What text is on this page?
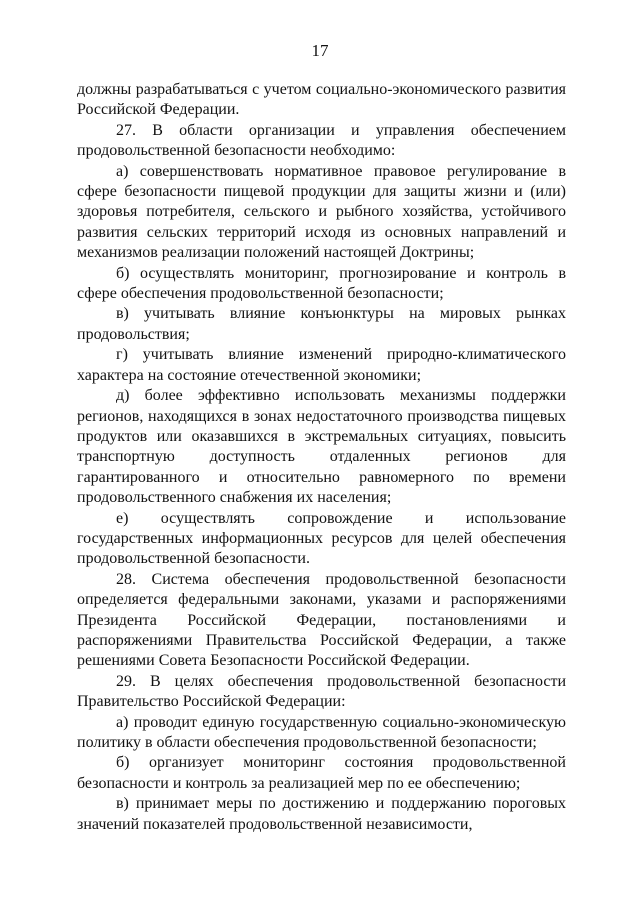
17

должны разрабатываться с учетом социально-экономического развития Российской Федерации.

27. В области организации и управления обеспечением продовольственной безопасности необходимо:

а) совершенствовать нормативное правовое регулирование в сфере безопасности пищевой продукции для защиты жизни и (или) здоровья потребителя, сельского и рыбного хозяйства, устойчивого развития сельских территорий исходя из основных направлений и механизмов реализации положений настоящей Доктрины;

б) осуществлять мониторинг, прогнозирование и контроль в сфере обеспечения продовольственной безопасности;

в) учитывать влияние конъюнктуры на мировых рынках продовольствия;

г) учитывать влияние изменений природно-климатического характера на состояние отечественной экономики;

д) более эффективно использовать механизмы поддержки регионов, находящихся в зонах недостаточного производства пищевых продуктов или оказавшихся в экстремальных ситуациях, повысить транспортную доступность отдаленных регионов для гарантированного и относительно равномерного по времени продовольственного снабжения их населения;

е) осуществлять сопровождение и использование государственных информационных ресурсов для целей обеспечения продовольственной безопасности.

28. Система обеспечения продовольственной безопасности определяется федеральными законами, указами и распоряжениями Президента Российской Федерации, постановлениями и распоряжениями Правительства Российской Федерации, а также решениями Совета Безопасности Российской Федерации.

29. В целях обеспечения продовольственной безопасности Правительство Российской Федерации:

а) проводит единую государственную социально-экономическую политику в области обеспечения продовольственной безопасности;

б) организует мониторинг состояния продовольственной безопасности и контроль за реализацией мер по ее обеспечению;

в) принимает меры по достижению и поддержанию пороговых значений показателей продовольственной независимости,
